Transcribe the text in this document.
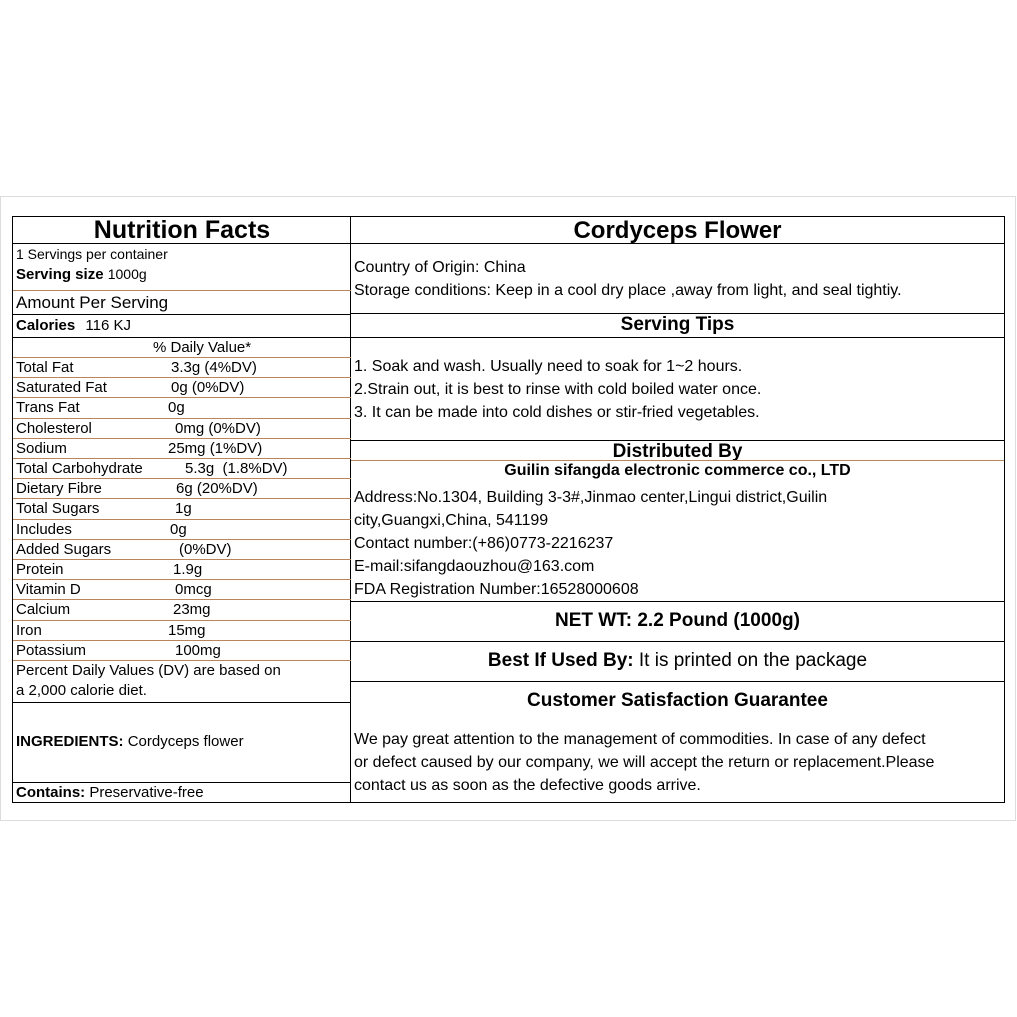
Nutrition Facts
1 Servings per container
Serving size 1000g
Amount Per Serving
Calories 116 KJ
% Daily Value*
Total Fat	3.3g (4%DV)
Saturated Fat	0g (0%DV)
Trans Fat	0g
Cholesterol	0mg (0%DV)
Sodium	25mg (1%DV)
Total Carbohydrate	5.3g  (1.8%DV)
Dietary Fibre	6g (20%DV)
Total Sugars	1g
Includes	0g
Added Sugars	(0%DV)
Protein	1.9g
Vitamin D	0mcg
Calcium	23mg
Iron	15mg
Potassium	100mg
Percent Daily Values (DV) are based on
a 2,000 calorie diet.
INGREDIENTS: Cordyceps flower
Contains: Preservative-free
Cordyceps Flower
Country of Origin: China
Storage conditions: Keep in a cool dry place ,away from light, and seal tightiy.
Serving Tips
1. Soak and wash. Usually need to soak for 1~2 hours.
2.Strain out, it is best to rinse with cold boiled water once.
3. It can be made into cold dishes or stir-fried vegetables.
Distributed By
Guilin sifangda electronic commerce co., LTD
Address:No.1304, Building 3-3#,Jinmao center,Lingui district,Guilin
city,Guangxi,China, 541199
Contact number:(+86)0773-2216237
E-mail:sifangdaouzhou@163.com
FDA Registration Number:16528000608
NET WT: 2.2 Pound (1000g)
Best If Used By: It is printed on the package
Customer Satisfaction Guarantee
We pay great attention to the management of commodities. In case of any defect
or defect caused by our company, we will accept the return or replacement.Please
contact us as soon as the defective goods arrive.
